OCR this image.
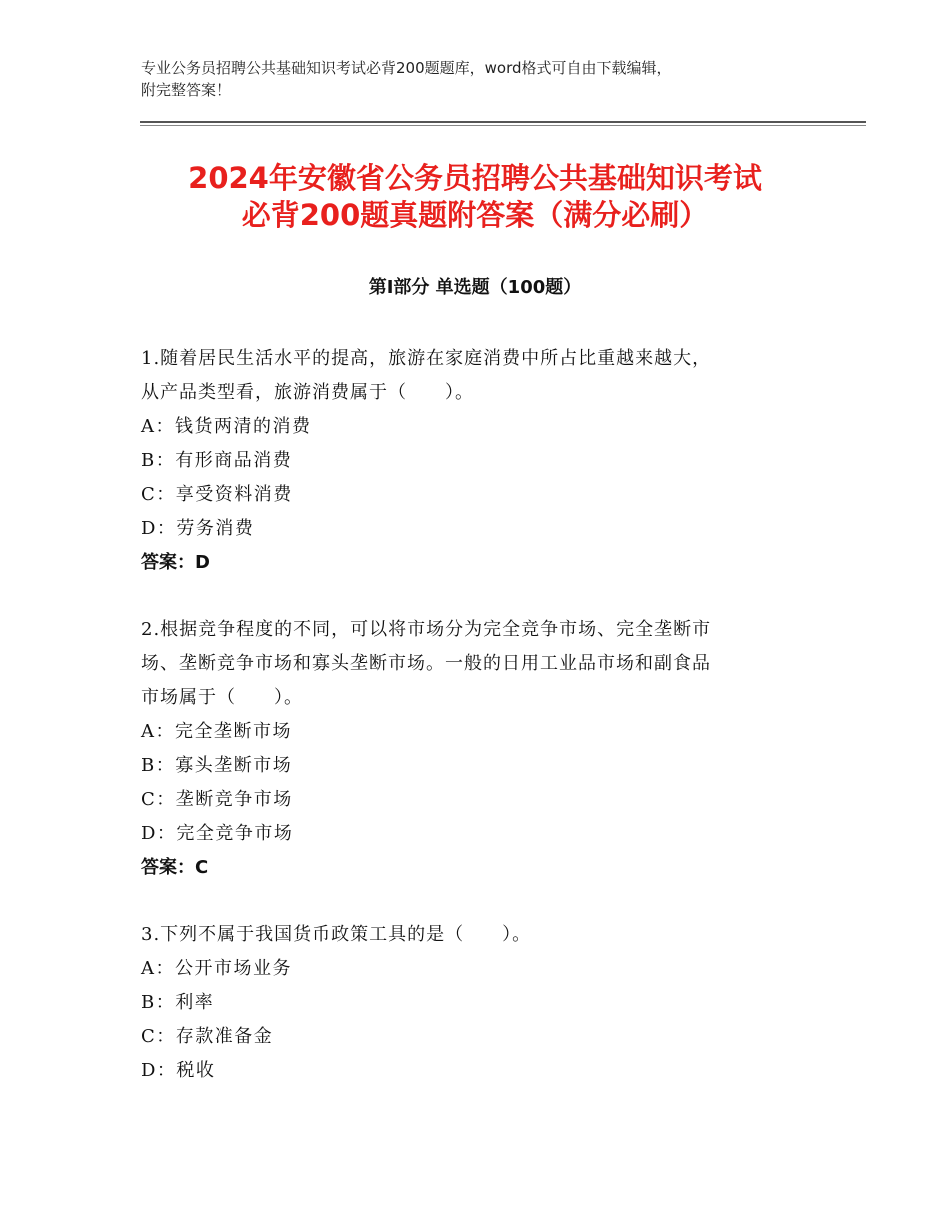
专业公务员招聘公共基础知识考试必背200题题库，word格式可自由下载编辑，
附完整答案！
2024年安徽省公务员招聘公共基础知识考试
必背200题真题附答案（满分必刷）
第Ⅰ部分 单选题（100题）
1.随着居民生活水平的提高，旅游在家庭消费中所占比重越来越大，
从产品类型看，旅游消费属于（　　）。
A：钱货两清的消费
B：有形商品消费
C：享受资料消费
D：劳务消费
答案：D
2.根据竞争程度的不同，可以将市场分为完全竞争市场、完全垄断市
场、垄断竞争市场和寡头垄断市场。一般的日用工业品市场和副食品
市场属于（　　）。
A：完全垄断市场
B：寡头垄断市场
C：垄断竞争市场
D：完全竞争市场
答案：C
3.下列不属于我国货币政策工具的是（　　）。
A：公开市场业务
B：利率
C：存款准备金
D：税收
